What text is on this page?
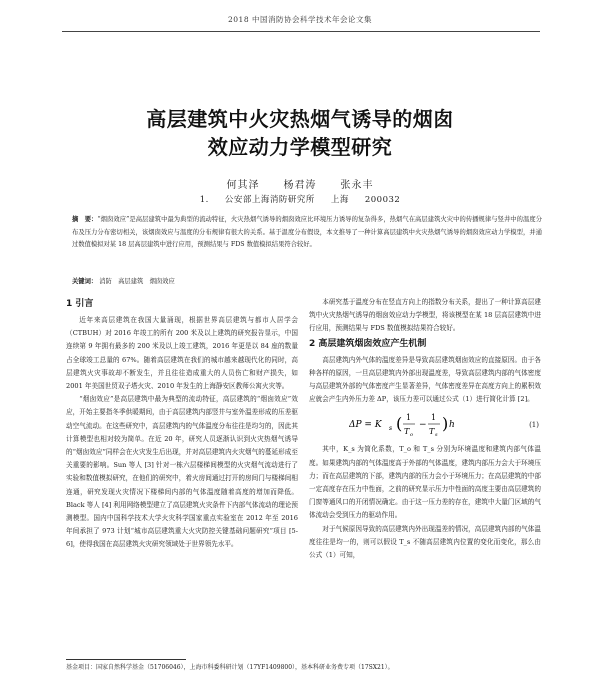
2018 中国消防协会科学技术年会论文集
高层建筑中火灾热烟气诱导的烟囱
效应动力学模型研究
何其泽 杨君涛 张永丰
1. 公安部上海消防研究所 上海 200032
摘　要：“烟囱效应”是高层建筑中最为典型的流动特征，火灾热烟气诱导的烟囱效应比环境压力诱导的复杂得多，热烟气在高层建筑火灾中的传播规律与竖井中的温度分布及压力分布密切相关，该烟囱效应与温度的分布规律有很大的关系。基于温度分布假设，本文推导了一种计算高层建筑中火灾热烟气诱导的烟囱效应动力学模型，并通过数值模拟对某 18 层高层建筑中进行应用，预测结果与 FDS 数值模拟结果符合较好。
关键词： 消防　 高层建筑　 烟囱效应
1 引言

近年来高层建筑在我国大量涌现，根据世界高层建筑与都市人居学会（CTBUH）对 2016 年竣工的所有 200 米及以上建筑的研究报告显示，中国连续第 9 年拥有最多的 200 米及以上竣工建筑，2016 年更是以 84 座的数量占全球竣工总量的 67%。随着高层建筑在我们的城市越来越现代化的同时，高层建筑火灾事故却不断发生，并且往往造成重大的人员伤亡和财产损失，如 2001 年美国世贸双子塔火灾、2010 年发生的上海静安区教师公寓火灾等。

“烟囱效应”是高层建筑中最为典型的流动特征，高层建筑的“烟囱效应”效应，开始主要指冬季供暖期间，由于高层建筑内部竖井与室外温差形成的压差驱动空气流动。在这些研究中，高层建筑内的气体温度分布往往是均匀的，因此其计算模型也相对较为简单。在近 20 年，研究人员逐渐认识到火灾热烟气诱导的“烟囱效应”同样会在火灾发生后出现，并对高层建筑内火灾烟气的蔓延形成至关重要的影响。Sun 等人 [3] 针对一栋六层楼梯间模型的火灾烟气流动进行了实验和数值模拟研究，在他们的研究中，着火房间通过打开的房间门与楼梯间相连通，研究发现火灾情况下楼梯间内部的气体温度随着高度的增加而降低。Black 等人 [4] 利用网络模型建立了高层建筑火灾条件下内部气体流动的理论预测模型。国内中国科学技术大学火灾科学国家重点实验室在 2012 年至 2016 年间承担了 973 计划“城市高层建筑重大火灾防控关键基础问题研究”项目 [5-6]，使得我国在高层建筑火灾研究领域处于世界领先水平。

本研究基于温度分布在竖直方向上的指数分布关系，提出了一种计算高层建筑中火灾热烟气诱导的烟囱效应动力学模型，将该模型在某 18 层高层建筑中进行应用，预测结果与 FDS 数值模拟结果符合较好。

2 高层建筑烟囱效应产生机制

高层建筑内外气体的温度差异是导致高层建筑烟囱效应的直接原因。由于各种各样的原因，一旦高层建筑内外部出现温度差，导致高层建筑内部的气体密度与高层建筑外部的气体密度产生显著差异，气体密度差异在高度方向上的累积效应就会产生内外压力差 ΔP，该压力差可以通过公式（1）进行简化计算 [2]。

ΔP = K s ( 1
T o
−
1
T s
) h	(1)

其中，K_s 为简化系数，T_o 和 T_s 分别为环境温度和建筑内部气体温度。如果建筑内部的气体温度高于外部的气体温度，建筑内部压力会大于环境压力；而在高层建筑的下部，建筑内部的压力会小于环境压力；在高层建筑的中部一定高度存在压力中性面，之前的研究显示压力中性面的高度主要由高层建筑的门窗等通风口的开闭情况确定。由于这一压力差的存在，建筑中大量门区域的气体流动会受到压力的驱动作用。

对于气候原因导致的高层建筑内外出现温差的情况，高层建筑内部的气体温度往往是均一的，则可以假设 T_s 不随高层建筑内位置的变化而变化，那么由公式（1）可知，

基金项目：国家自然科学基金（51706046），上海市科委科研计划（17YF1409800），基本科研业务费专项（17SX21）。
